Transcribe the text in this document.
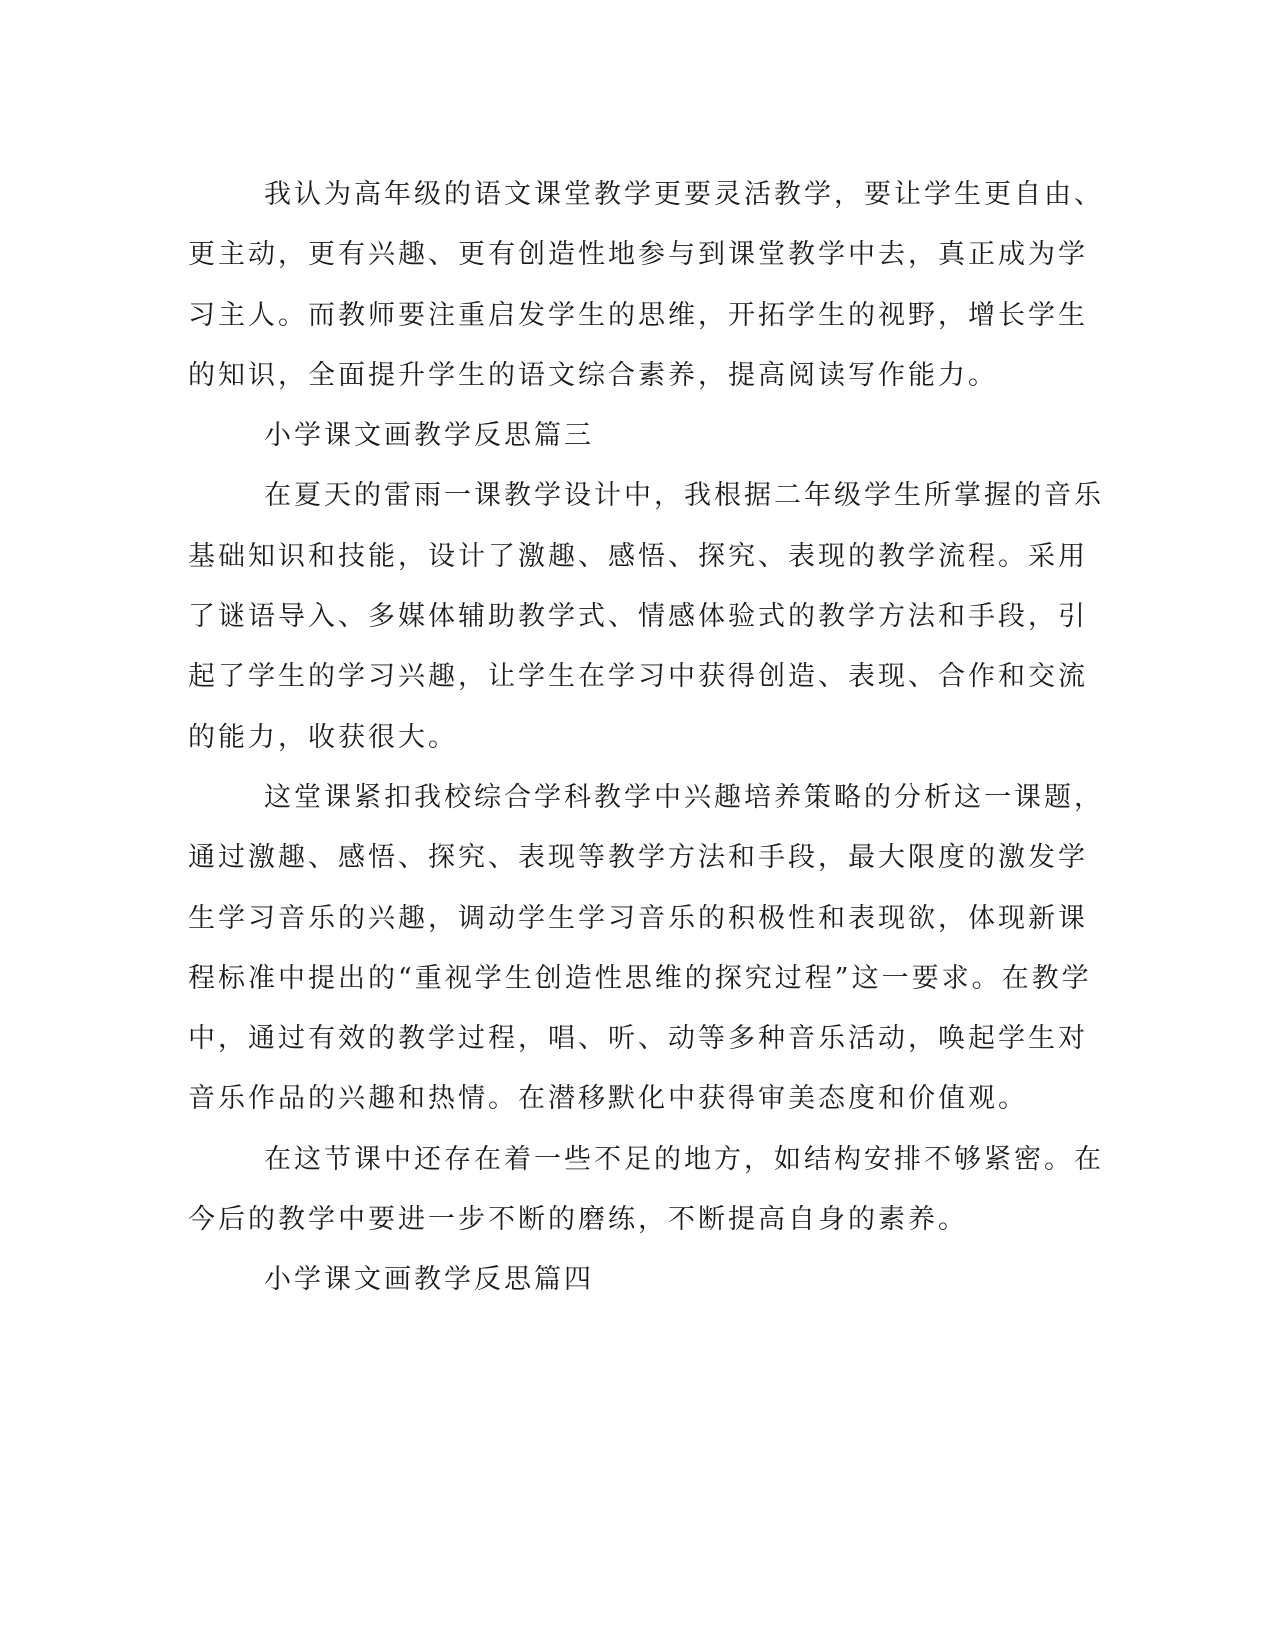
我认为高年级的语文课堂教学更要灵活教学，要让学生更自由、
更主动，更有兴趣、更有创造性地参与到课堂教学中去，真正成为学
习主人。而教师要注重启发学生的思维，开拓学生的视野，增长学生
的知识，全面提升学生的语文综合素养，提高阅读写作能力。
小学课文画教学反思篇三
在夏天的雷雨一课教学设计中，我根据二年级学生所掌握的音乐
基础知识和技能，设计了激趣、感悟、探究、表现的教学流程。采用
了谜语导入、多媒体辅助教学式、情感体验式的教学方法和手段，引
起了学生的学习兴趣，让学生在学习中获得创造、表现、合作和交流
的能力，收获很大。
这堂课紧扣我校综合学科教学中兴趣培养策略的分析这一课题，
通过激趣、感悟、探究、表现等教学方法和手段，最大限度的激发学
生学习音乐的兴趣，调动学生学习音乐的积极性和表现欲，体现新课
程标准中提出的“重视学生创造性思维的探究过程”这一要求。在教学
中，通过有效的教学过程，唱、听、动等多种音乐活动，唤起学生对
音乐作品的兴趣和热情。在潜移默化中获得审美态度和价值观。
在这节课中还存在着一些不足的地方，如结构安排不够紧密。在
今后的教学中要进一步不断的磨练，不断提高自身的素养。
小学课文画教学反思篇四
